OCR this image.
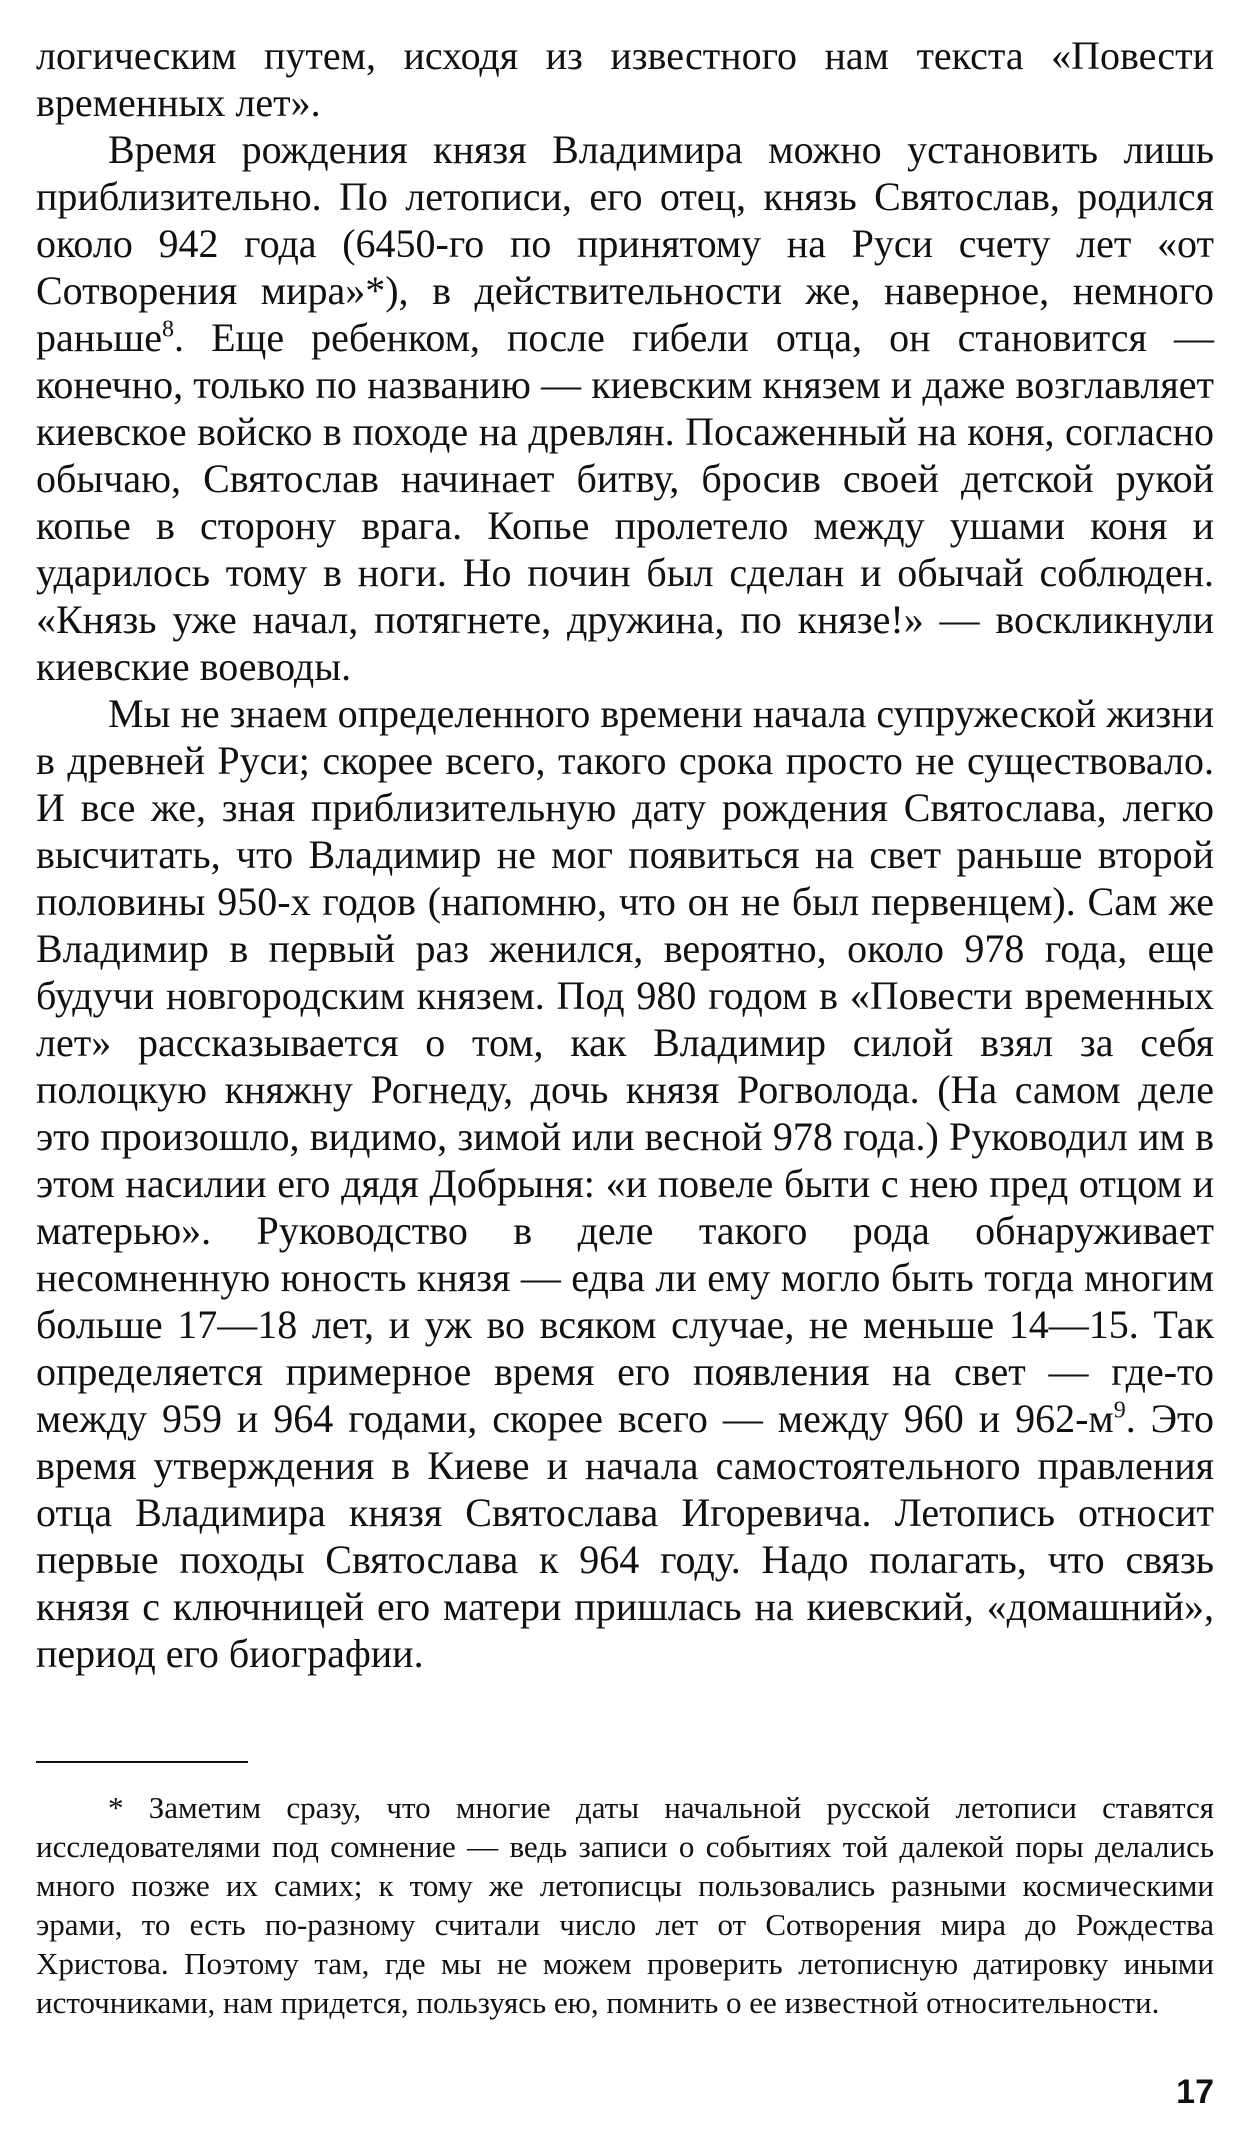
логическим путем, исходя из известного нам текста «Повести временных лет».

Время рождения князя Владимира можно установить лишь приблизительно. По летописи, его отец, князь Святослав, родился около 942 года (6450-го по принятому на Руси счету лет «от Сотворения мира»*), в действительности же, наверное, немного раньше$^8$. Еще ребенком, после гибели отца, он становится — конечно, только по названию — киевским князем и даже возглавляет киевское войско в походе на древлян. Посаженный на коня, согласно обычаю, Святослав начинает битву, бросив своей детской рукой копье в сторону врага. Копье пролетело между ушами коня и ударилось тому в ноги. Но почин был сделан и обычай соблюден. «Князь уже начал, потягнете, дружина, по князе!» — воскликнули киевские воеводы.

Мы не знаем определенного времени начала супружеской жизни в древней Руси; скорее всего, такого срока просто не существовало. И все же, зная приблизительную дату рождения Святослава, легко высчитать, что Владимир не мог появиться на свет раньше второй половины 950-х годов (напомню, что он не был первенцем). Сам же Владимир в первый раз женился, вероятно, около 978 года, еще будучи новгородским князем. Под 980 годом в «Повести временных лет» рассказывается о том, как Владимир силой взял за себя полоцкую княжну Рогнеду, дочь князя Рогволода. (На самом деле это произошло, видимо, зимой или весной 978 года.) Руководил им в этом насилии его дядя Добрыня: «и повеле быти с нею пред отцом и матерью». Руководство в деле такого рода обнаруживает несомненную юность князя — едва ли ему могло быть тогда многим больше 17—18 лет, и уж во всяком случае, не меньше 14—15. Так определяется примерное время его появления на свет — где-то между 959 и 964 годами, скорее всего — между 960 и $962-м^9$. Это время утверждения в Киеве и начала самостоятельного правления отца Владимира князя Святослава Игоревича. Летопись относит первые походы Святослава к 964 году. Надо полагать, что связь князя с ключницей его матери пришлась на киевский, «домашний», период его биографии.

* Заметим сразу, что многие даты начальной русской летописи ставятся исследователями под сомнение — ведь записи о событиях той далекой поры делались много позже их самих; к тому же летописцы пользовались разными космическими эрами, то есть по-разному считали число лет от Сотворения мира до Рождества Христова. Поэтому там, где мы не можем проверить летописную датировку иными источниками, нам придется, пользуясь ею, помнить о ее известной относительности.

17
